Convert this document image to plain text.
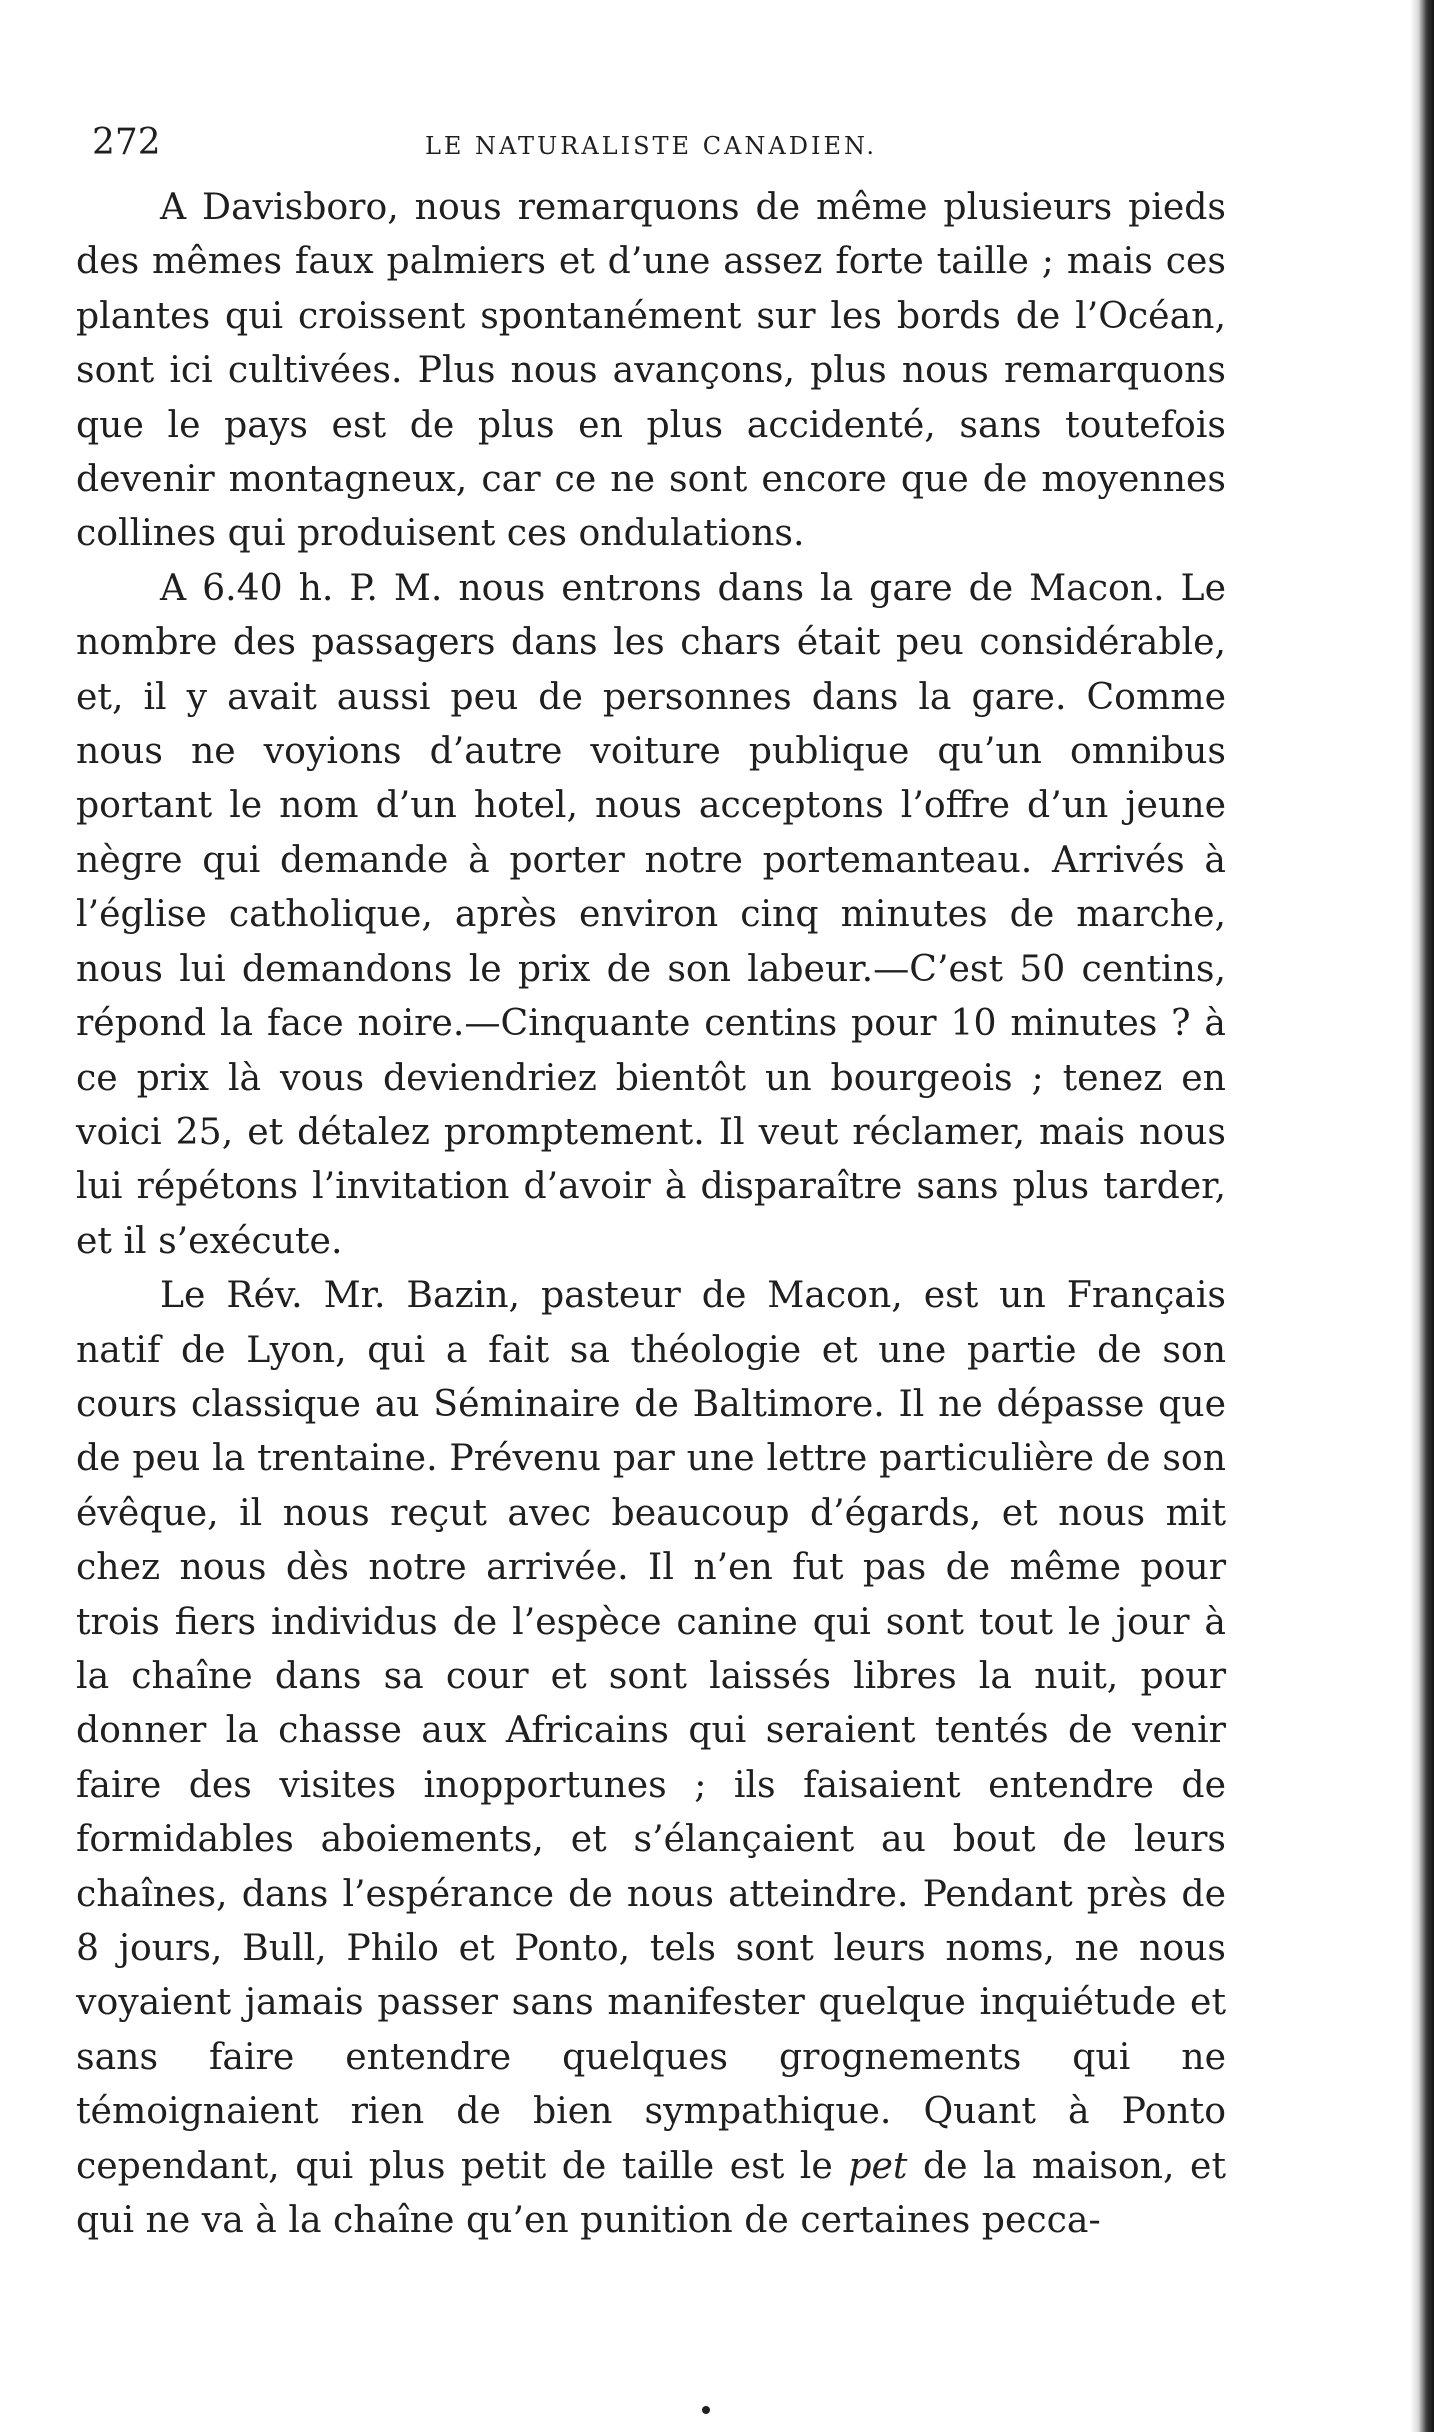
272	LE NATURALISTE CANADIEN.

A Davisboro, nous remarquons de même plusieurs pieds des mêmes faux palmiers et d’une assez forte taille ; mais ces plantes qui croissent spontanément sur les bords de l’Océan, sont ici cultivées. Plus nous avançons, plus nous remarquons que le pays est de plus en plus accidenté, sans toutefois devenir montagneux, car ce ne sont encore que de moyennes collines qui produisent ces ondulations.

A 6.40 h. P. M. nous entrons dans la gare de Macon. Le nombre des passagers dans les chars était peu considérable, et, il y avait aussi peu de personnes dans la gare. Comme nous ne voyions d’autre voiture publique qu’un omnibus portant le nom d’un hotel, nous acceptons l’offre d’un jeune nègre qui demande à porter notre portemanteau. Arrivés à l’église catholique, après environ cinq minutes de marche, nous lui demandons le prix de son labeur.—C’est 50 centins, répond la face noire.—Cinquante centins pour 10 minutes ? à ce prix là vous deviendriez bientôt un bourgeois ; tenez en voici 25, et détalez promptement. Il veut réclamer, mais nous lui répétons l’invitation d’avoir à disparaître sans plus tarder, et il s’exécute.

Le Rév. Mr. Bazin, pasteur de Macon, est un Français natif de Lyon, qui a fait sa théologie et une partie de son cours classique au Séminaire de Baltimore. Il ne dépasse que de peu la trentaine. Prévenu par une lettre particulière de son évêque, il nous reçut avec beaucoup d’égards, et nous mit chez nous dès notre arrivée. Il n’en fut pas de même pour trois fiers individus de l’espèce canine qui sont tout le jour à la chaîne dans sa cour et sont laissés libres la nuit, pour donner la chasse aux Africains qui seraient tentés de venir faire des visites inopportunes ; ils faisaient entendre de formidables aboiements, et s’élançaient au bout de leurs chaînes, dans l’espérance de nous atteindre. Pendant près de 8 jours, Bull, Philo et Ponto, tels sont leurs noms, ne nous voyaient jamais passer sans manifester quelque inquiétude et sans faire entendre quelques grognements qui ne témoignaient rien de bien sympathique. Quant à Ponto cependant, qui plus petit de taille est le pet de la maison, et qui ne va à la chaîne qu’en punition de certaines pecca-
